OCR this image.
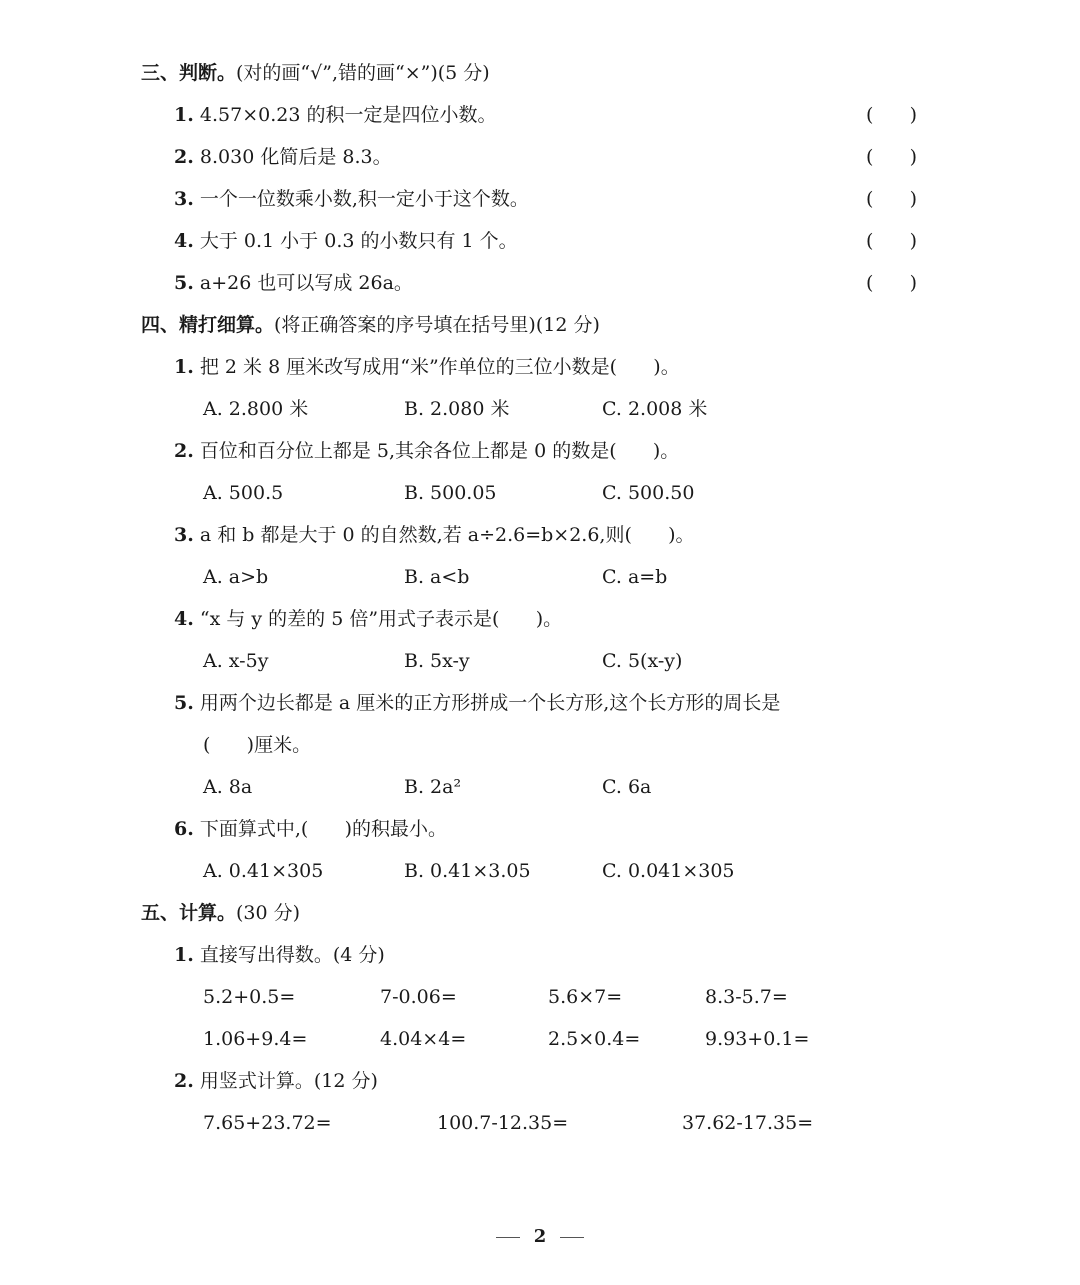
三、判断。(对的画“√”,错的画“×”)(5 分)
1. 4.57×0.23 的积一定是四位小数。	(      )
2. 8.030 化简后是 8.3。	(      )
3. 一个一位数乘小数,积一定小于这个数。	(      )
4. 大于 0.1 小于 0.3 的小数只有 1 个。	(      )
5. a+26 也可以写成 26a。	(      )
四、精打细算。(将正确答案的序号填在括号里)(12 分)
1. 把 2 米 8 厘米改写成用“米”作单位的三位小数是(      )。
A. 2.800 米	B. 2.080 米	C. 2.008 米
2. 百位和百分位上都是 5,其余各位上都是 0 的数是(      )。
A. 500.5	B. 500.05	C. 500.50
3. a 和 b 都是大于 0 的自然数,若 a÷2.6=b×2.6,则(      )。
A. a>b	B. a<b	C. a=b
4. “x 与 y 的差的 5 倍”用式子表示是(      )。
A. x-5y	B. 5x-y	C. 5(x-y)
5. 用两个边长都是 a 厘米的正方形拼成一个长方形,这个长方形的周长是
(      )厘米。
A. 8a	B. 2a²	C. 6a
6. 下面算式中,(      )的积最小。
A. 0.41×305	B. 0.41×3.05	C. 0.041×305
五、计算。(30 分)
1. 直接写出得数。(4 分)
5.2+0.5=	7-0.06=	5.6×7=	8.3-5.7=
1.06+9.4=	4.04×4=	2.5×0.4=	9.93+0.1=
2. 用竖式计算。(12 分)
7.65+23.72=	100.7-12.35=	37.62-17.35=
2
